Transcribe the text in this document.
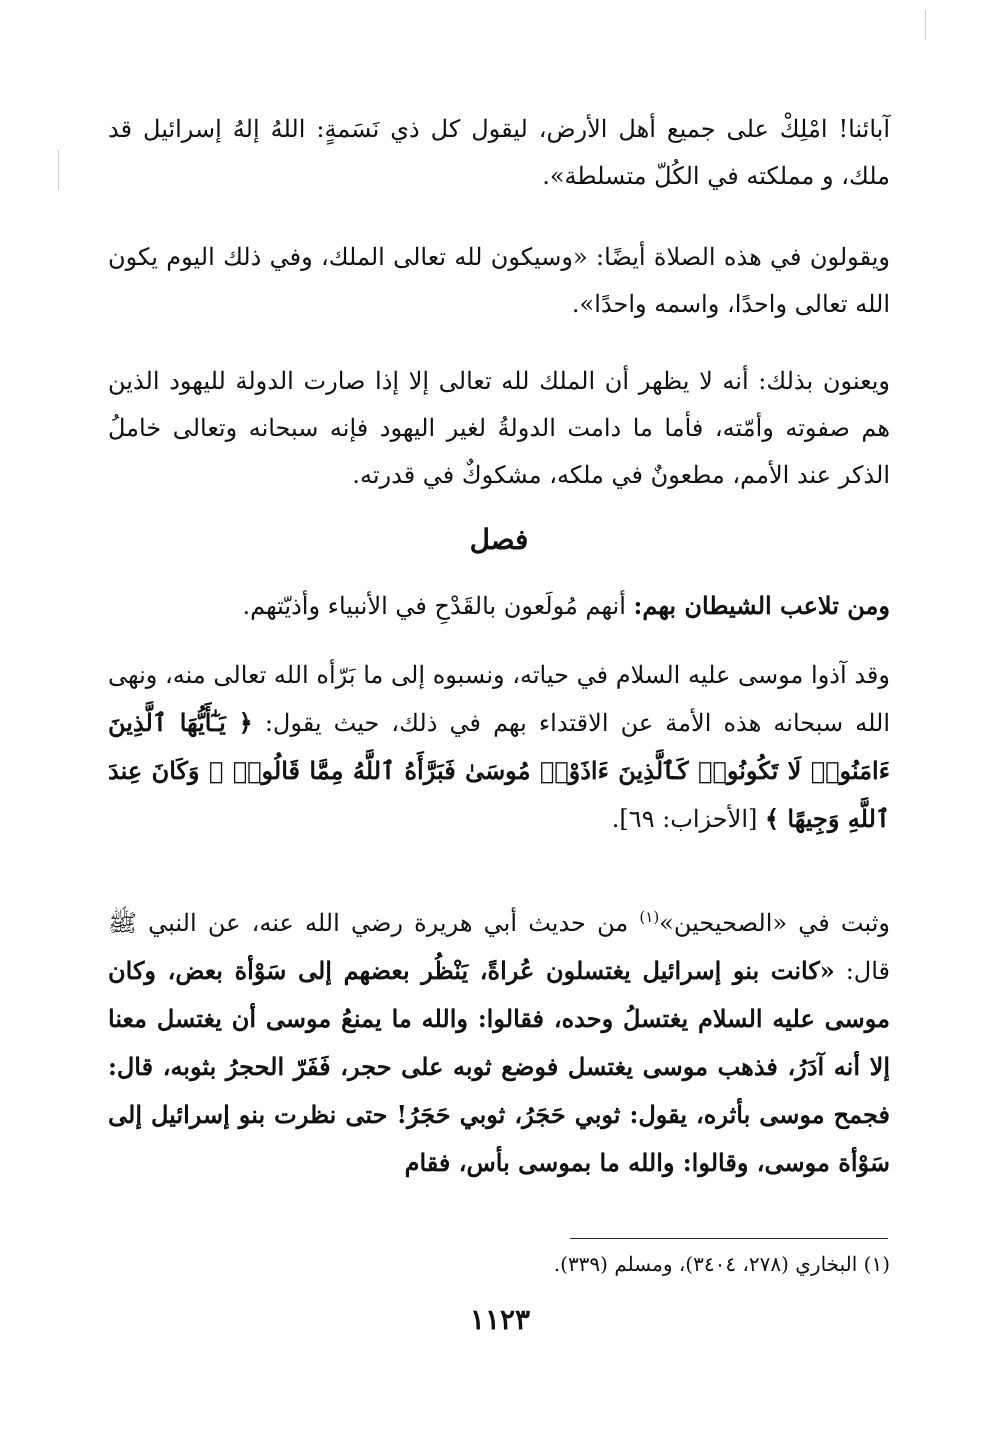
آبائنا! امْلِكْ على جميع أهل الأرض، ليقول كل ذي نَسَمةٍ: اللهُ إلهُ إسرائيل قد ملك، و مملكته في الكُلّ متسلطة».

ويقولون في هذه الصلاة أيضًا: «وسيكون لله تعالى الملك، وفي ذلك اليوم يكون الله تعالى واحدًا، واسمه واحدًا».

ويعنون بذلك: أنه لا يظهر أن الملك لله تعالى إلا إذا صارت الدولة لليهود الذين هم صفوته وأمّته، فأما ما دامت الدولةُ لغير اليهود فإنه سبحانه وتعالى خاملُ الذكر عند الأمم، مطعونٌ في ملكه، مشكوكٌ في قدرته.

فصل

ومن تلاعب الشيطان بهم: أنهم مُولَعون بالقَدْحِ في الأنبياء وأذيّتهم.

وقد آذوا موسى عليه السلام في حياته، ونسبوه إلى ما بَرّأه الله تعالى منه، ونهى الله سبحانه هذه الأمة عن الاقتداء بهم في ذلك، حيث يقول: ﴿ يَـٰٓأَيُّهَا ٱلَّذِينَ ءَامَنُوا۟ لَا تَكُونُوا۟ كَٱلَّذِينَ ءَاذَوْا۟ مُوسَىٰ فَبَرَّأَهُ ٱللَّهُ مِمَّا قَالُوا۟ ۚ وَكَانَ عِندَ ٱللَّهِ وَجِيهًا ﴾ [الأحزاب: ٦٩].

وثبت في «الصحيحين»$^{(١)}$ من حديث أبي هريرة رضي الله عنه، عن النبي ﷺ قال: «كانت بنو إسرائيل يغتسلون عُراةً، يَنْظُر بعضهم إلى سَوْأة بعض، وكان موسى عليه السلام يغتسلُ وحده، فقالوا: والله ما يمنعُ موسى أن يغتسل معنا إلا أنه آدَرُ، فذهب موسى يغتسل فوضع ثوبه على حجر، فَفَرّ الحجرُ بثوبه، قال: فجمح موسى بأثره، يقول: ثوبي حَجَرُ، ثوبي حَجَرُ! حتى نظرت بنو إسرائيل إلى سَوْأة موسى، وقالوا: والله ما بموسى بأس، فقام

(١) البخاري (٢٧٨، ٣٤٠٤)، ومسلم (٣٣٩).
١١٢٣
